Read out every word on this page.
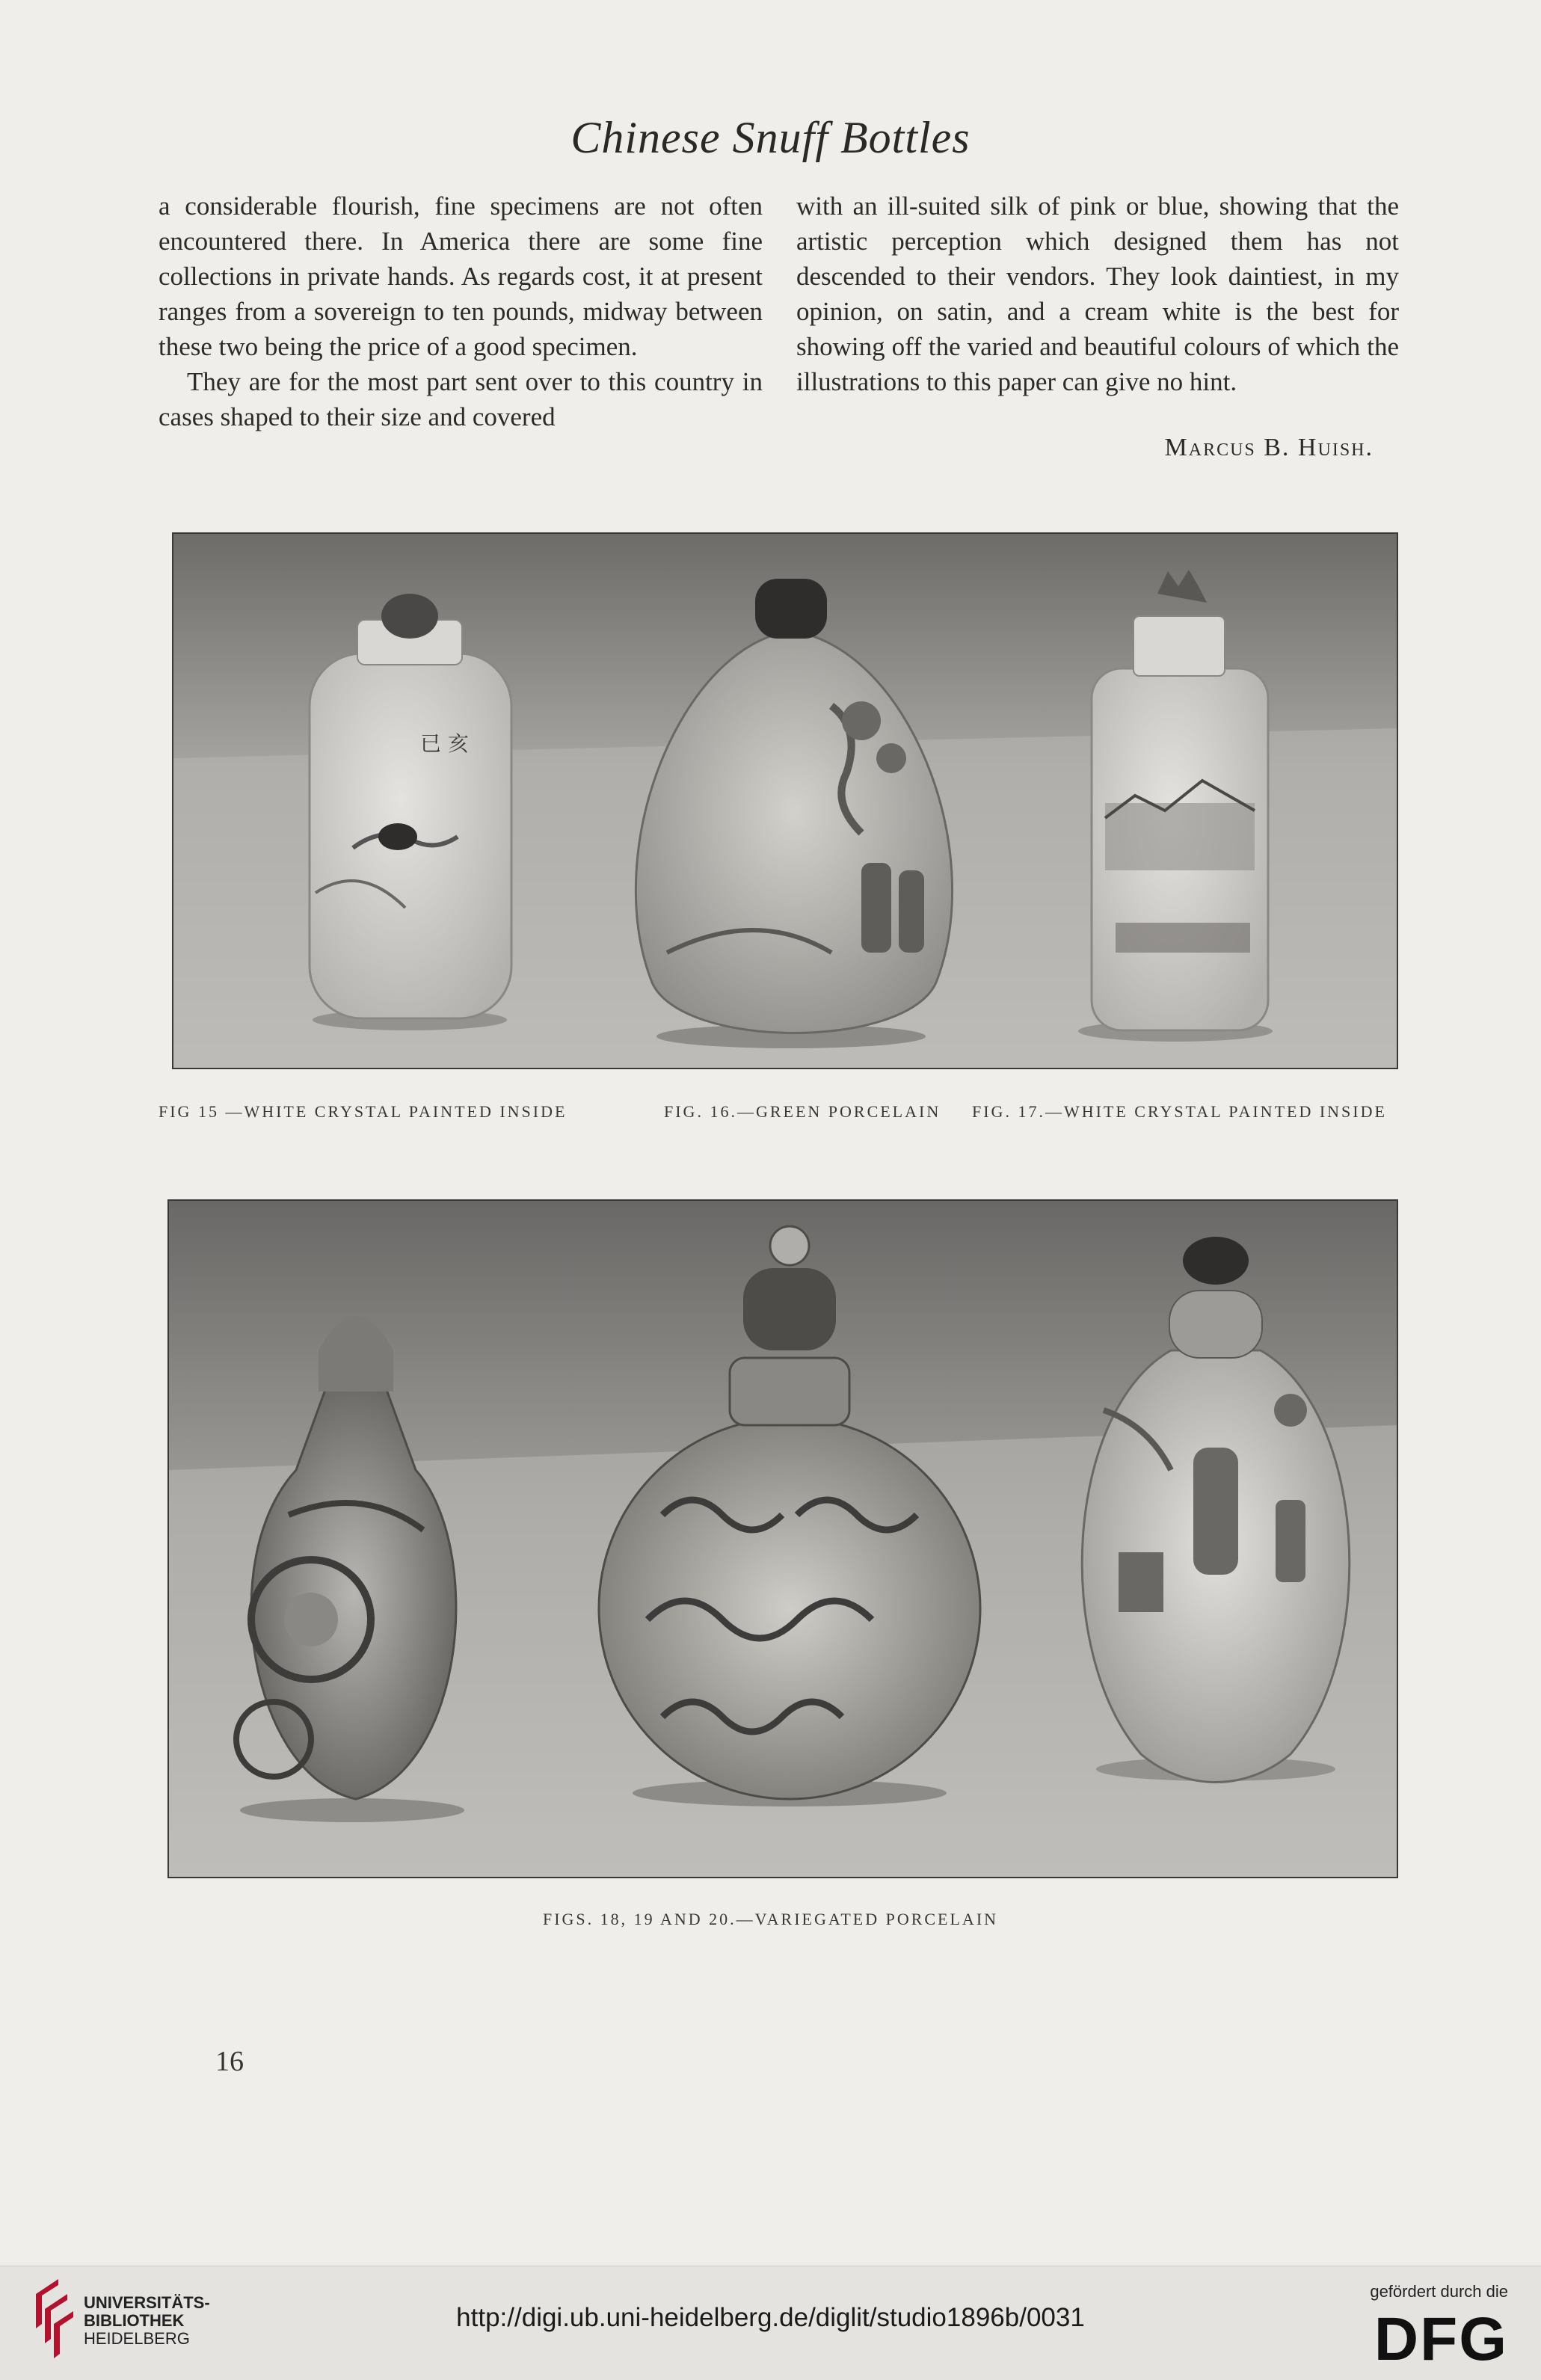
Chinese Snuff Bottles

a considerable flourish, fine specimens are not often encountered there. In America there are some fine collections in private hands. As regards cost, it at present ranges from a sovereign to ten pounds, midway between these two being the price of a good specimen.

They are for the most part sent over to this country in cases shaped to their size and covered

with an ill-suited silk of pink or blue, showing that the artistic perception which designed them has not descended to their vendors. They look daintiest, in my opinion, on satin, and a cream white is the best for showing off the varied and beautiful colours of which the illustrations to this paper can give no hint.

Marcus B. Huish.
已 亥
FIG 15 —WHITE CRYSTAL PAINTED INSIDE	FIG. 16.—GREEN PORCELAIN FIG. 17.—WHITE CRYSTAL PAINTED INSIDE
FIGS. 18, 19 AND 20.—VARIEGATED PORCELAIN
16
UNIVERSITÄTS-
BIBLIOTHEK
HEIDELBERG
http://digi.ub.uni-heidelberg.de/diglit/studio1896b/0031
gefördert durch die
DFG
